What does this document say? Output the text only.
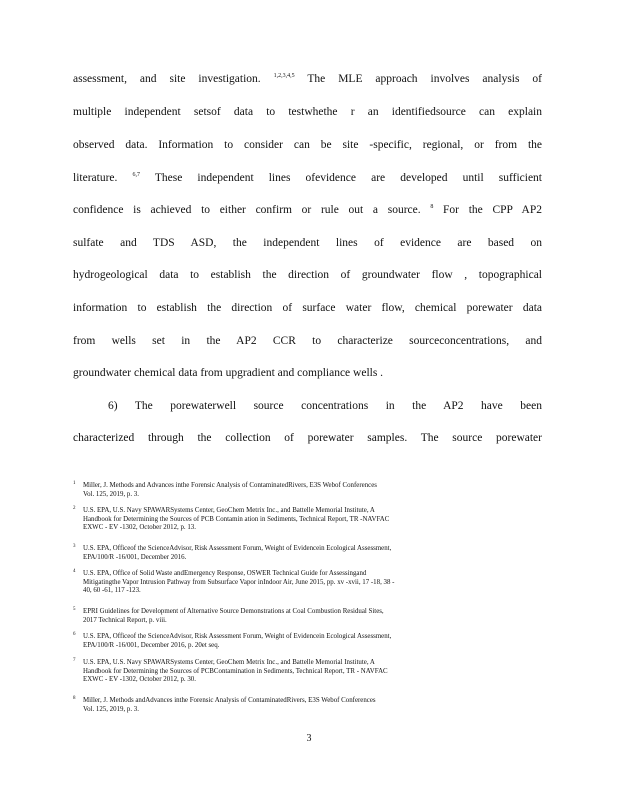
assessment, and site investigation. $^{1,2,3,4,5}$ The MLE approach involves analysis of
multiple independent setsof data to testwhethe r an identifiedsource can explain
observed data. Information to consider can be site -specific, regional, or from the
literature. $^{6,7}$ These independent lines ofevidence are developed until sufficient
confidence is achieved to either confirm or rule out a source. $^8$ For the CPP AP2
sulfate and TDS ASD, the independent lines of evidence are based on
hydrogeological data to establish the direction of groundwater flow , topographical
information to establish the direction of surface water flow, chemical porewater data
from wells set in the AP2 CCR to characterize sourceconcentrations, and
groundwater chemical data from upgradient and compliance wells .
6) The porewaterwell source concentrations in the AP2 have been
characterized through the collection of porewater samples. The source porewater
1 Miller, J. Methods and Advances inthe Forensic Analysis of ContaminatedRivers, E3S Webof Conferences
Vol. 125, 2019, p. 3.
2 U.S. EPA, U.S. Navy SPAWARSystems Center, GeoChem Metrix Inc., and Battelle Memorial Institute, A
Handbook for Determining the Sources of PCB Contamin ation in Sediments, Technical Report, TR -NAVFAC
EXWC - EV -1302, October 2012, p. 13.
3 U.S. EPA, Officeof the ScienceAdvisor, Risk Assessment Forum, Weight of Evidencein Ecological Assessment,
EPA/100/R -16/001, December 2016.
4 U.S. EPA, Office of Solid Waste andEmergency Response, OSWER Technical Guide for Assessingand
Mitigatingthe Vapor Intrusion Pathway from Subsurface Vapor inIndoor Air, June 2015, pp. xv -xvii, 17 -18, 38 -
40, 60 -61, 117 -123.
5 EPRI Guidelines for Development of Alternative Source Demonstrations at Coal Combustion Residual Sites,
2017 Technical Report, p. viii.
6 U.S. EPA, Officeof the ScienceAdvisor, Risk Assessment Forum, Weight of Evidencein Ecological Assessment,
EPA/100/R -16/001, December 2016, p. 20et seq.
7 U.S. EPA, U.S. Navy SPAWARSystems Center, GeoChem Metrix Inc., and Battelle Memorial Institute, A
Handbook for Determining the Sources of PCBContamination in Sediments, Technical Report, TR - NAVFAC
EXWC - EV -1302, October 2012, p. 30.
8 Miller, J. Methods andAdvances inthe Forensic Analysis of ContaminatedRivers, E3S Webof Conferences
Vol. 125, 2019, p. 3.
3
